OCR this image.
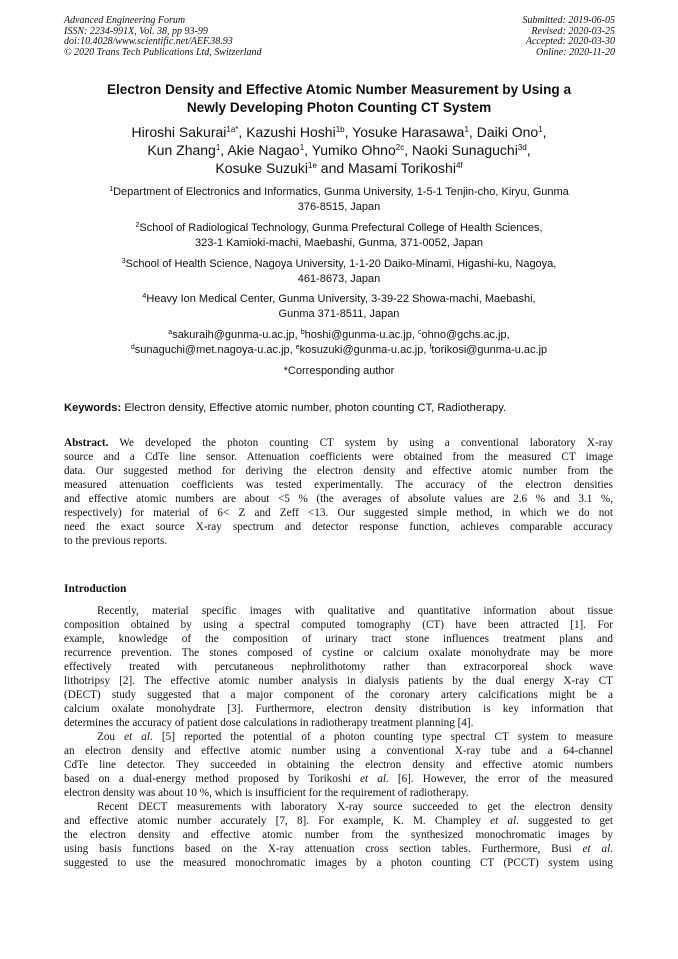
Advanced Engineering Forum
ISSN: 2234-991X, Vol. 38, pp 93-99
doi:10.4028/www.scientific.net/AEF.38.93
© 2020 Trans Tech Publications Ltd, Switzerland
Submitted: 2019-06-05
Revised: 2020-03-25
Accepted: 2020-03-30
Online: 2020-11-20
Electron Density and Effective Atomic Number Measurement by Using a
Newly Developing Photon Counting CT System
Hiroshi Sakurai$^{1a*}$, Kazushi Hoshi$^{1b}$, Yosuke Harasawa$^1$, Daiki Ono$^1$,
Kun Zhang$^1$, Akie Nagao$^1$, Yumiko Ohno$^{2c}$, Naoki Sunaguchi$^{3d}$,
Kosuke Suzuki$^{1e}$ and Masami Torikoshi$^{4f}$
$^1$Department of Electronics and Informatics, Gunma University, 1-5-1 Tenjin-cho, Kiryu, Gunma
376-8515, Japan
$^2$School of Radiological Technology, Gunma Prefectural College of Health Sciences,
323-1 Kamioki-machi, Maebashi, Gunma, 371-0052, Japan
$^3$School of Health Science, Nagoya University, 1-1-20 Daiko-Minami, Higashi-ku, Nagoya,
461-8673, Japan
$^4$Heavy Ion Medical Center, Gunma University, 3-39-22 Showa-machi, Maebashi,
Gunma 371-8511, Japan
$^a$sakuraih@gunma-u.ac.jp, $^b$hoshi@gunma-u.ac.jp, $^c$ohno@gchs.ac.jp,
$^d$sunaguchi@met.nagoya-u.ac.jp, $^e$kosuzuki@gunma-u.ac.jp, $^f$torikosi@gunma-u.ac.jp
*Corresponding author
Keywords: Electron density, Effective atomic number, photon counting CT, Radiotherapy.
Abstract. We developed the photon counting CT system by using a conventional laboratory X-ray
source and a CdTe line sensor. Attenuation coefficients were obtained from the measured CT image
data. Our suggested method for deriving the electron density and effective atomic number from the
measured attenuation coefficients was tested experimentally. The accuracy of the electron densities
and effective atomic numbers are about <5 % (the averages of absolute values are 2.6 % and 3.1 %,
respectively) for material of 6< Z and Zeff <13. Our suggested simple method, in which we do not
need the exact source X-ray spectrum and detector response function, achieves comparable accuracy
to the previous reports.
Introduction
Recently, material specific images with qualitative and quantitative information about tissue
composition obtained by using a spectral computed tomography (CT) have been attracted [1]. For
example, knowledge of the composition of urinary tract stone influences treatment plans and
recurrence prevention. The stones composed of cystine or calcium oxalate monohydrate may be more
effectively treated with percutaneous nephrolithotomy rather than extracorporeal shock wave
lithotripsy [2]. The effective atomic number analysis in dialysis patients by the dual energy X-ray CT
(DECT) study suggested that a major component of the coronary artery calcifications might be a
calcium oxalate monohydrate [3]. Furthermore, electron density distribution is key information that
determines the accuracy of patient dose calculations in radiotherapy treatment planning [4].
Zou et al. [5] reported the potential of a photon counting type spectral CT system to measure
an electron density and effective atomic number using a conventional X-ray tube and a 64-channel
CdTe line detector. They succeeded in obtaining the electron density and effective atomic numbers
based on a dual-energy method proposed by Torikoshi et al. [6]. However, the error of the measured
electron density was about 10 %, which is insufficient for the requirement of radiotherapy.
Recent DECT measurements with laboratory X-ray source succeeded to get the electron density
and effective atomic number accurately [7, 8]. For example, K. M. Champley et al. suggested to get
the electron density and effective atomic number from the synthesized monochromatic images by
using basis functions based on the X-ray attenuation cross section tables. Furthermore, Busi et al.
suggested to use the measured monochromatic images by a photon counting CT (PCCT) system using
